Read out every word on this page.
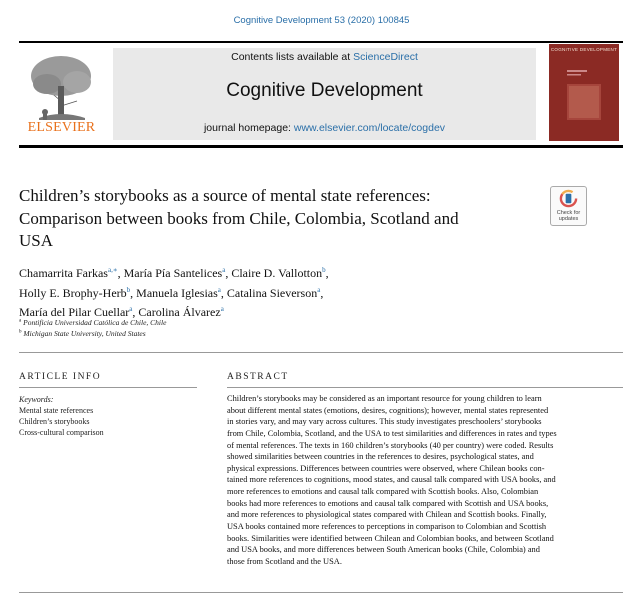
Cognitive Development 53 (2020) 100845
ELSEVIER
Contents lists available at ScienceDirect
Cognitive Development
journal homepage: www.elsevier.com/locate/cogdev
COGNITIVE DEVELOPMENT
Children’s storybooks as a source of mental state references:
Comparison between books from Chile, Colombia, Scotland and
USA
Check for
updates
Chamarrita Farkas$^{a,∗}$, María Pía Santelices$^a$, Claire D. Vallotton$^b$,
Holly E. Brophy-Herb$^b$, Manuela Iglesias$^a$, Catalina Sieverson$^a$,
María del Pilar Cuellar$^a$, Carolina Álvarez$^a$
$^a$ Pontificia Universidad Católica de Chile, Chile
$^b$ Michigan State University, United States
ARTICLE INFO
Keywords:
Mental state references
Children’s storybooks
Cross-cultural comparison
ABSTRACT
Children’s storybooks may be considered as an important resource for young children to learn
about different mental states (emotions, desires, cognitions); however, mental states represented
in stories vary, and may vary across cultures. This study investigates preschoolers’ storybooks
from Chile, Colombia, Scotland, and the USA to test similarities and differences in rates and types
of mental references. The texts in 160 children’s storybooks (40 per country) were coded. Results
showed similarities between countries in the references to desires, psychological states, and
physical expressions. Differences between countries were observed, where Chilean books con-
tained more references to cognitions, mood states, and causal talk compared with USA books, and
more references to emotions and causal talk compared with Scottish books. Also, Colombian
books had more references to emotions and causal talk compared with Scottish and USA books,
and more references to physiological states compared with Chilean and Scottish books. Finally,
USA books contained more references to perceptions in comparison to Colombian and Scottish
books. Similarities were identified between Chilean and Colombian books, and between Scotland
and USA books, and more differences between South American books (Chile, Colombia) and
those from Scotland and the USA.
